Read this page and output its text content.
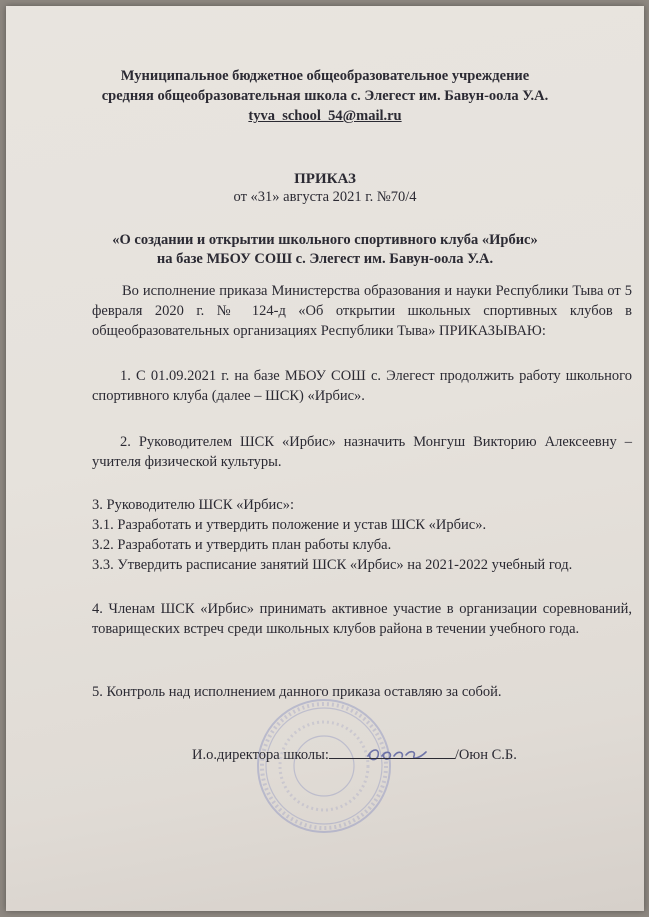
Муниципальное бюджетное общеобразовательное учреждение
средняя общеобразовательная школа с. Элегест им. Бавун-оола У.А.
tyva_school_54@mail.ru
ПРИКАЗ
от «31» августа 2021 г. №70/4
«О создании и открытии школьного спортивного клуба «Ирбис»
на базе МБОУ СОШ с. Элегест им. Бавун-оола У.А.

Во исполнение приказа Министерства образования и науки Республики Тыва от 5 февраля 2020 г. № 124-д «Об открытии школьных спортивных клубов в общеобразовательных организациях Республики Тыва» ПРИКАЗЫВАЮ:

1. С 01.09.2021 г. на базе МБОУ СОШ с. Элегест продолжить работу школьного спортивного клуба (далее – ШСК) «Ирбис».

2. Руководителем ШСК «Ирбис» назначить Монгуш Викторию Алексеевну – учителя физической культуры.

3. Руководителю ШСК «Ирбис»:

3.1. Разработать и утвердить положение и устав ШСК «Ирбис».

3.2. Разработать и утвердить план работы клуба.

3.3. Утвердить расписание занятий ШСК «Ирбис» на 2021-2022 учебный год.

4. Членам ШСК «Ирбис» принимать активное участие в организации соревнований, товарищеских встреч среди школьных клубов района в течении учебного года.

5. Контроль над исполнением данного приказа оставляю за собой.

И.о.директора школы:	/Оюн С.Б.
